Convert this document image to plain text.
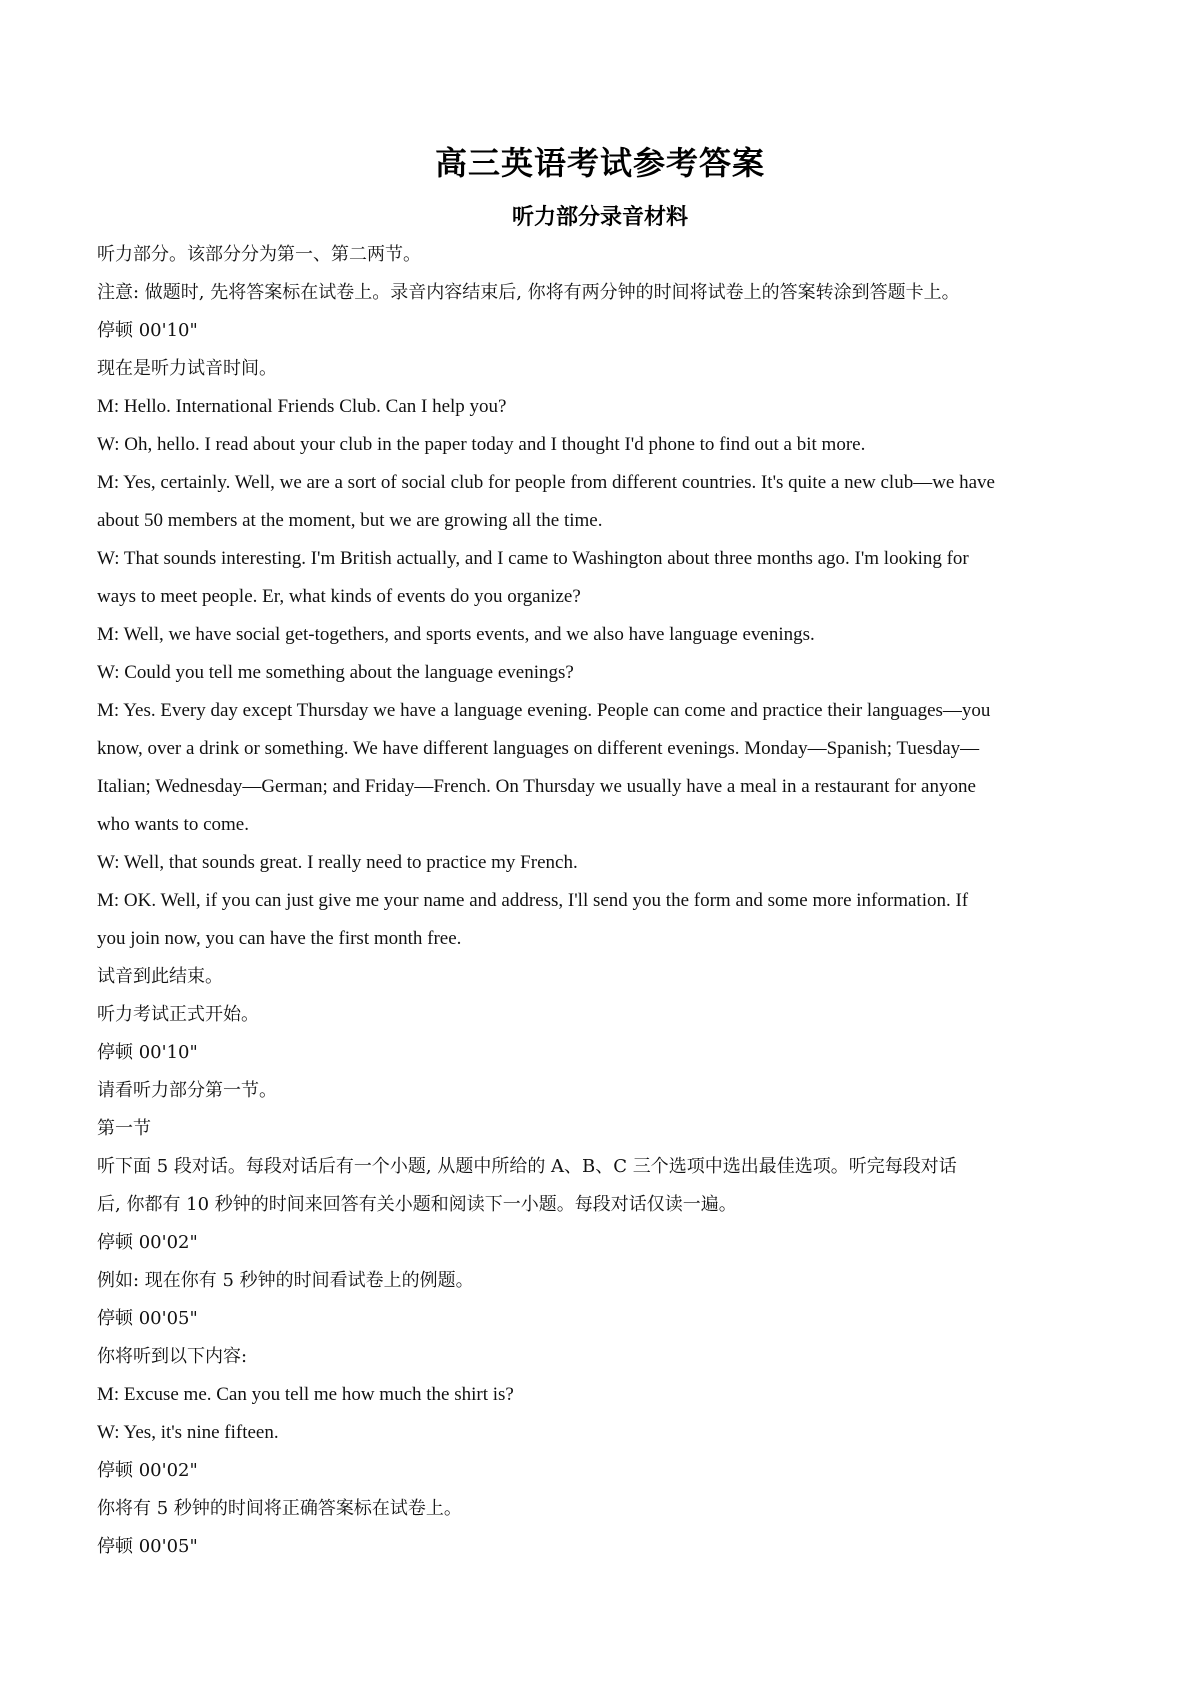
高三英语考试参考答案
听力部分录音材料
听力部分。该部分分为第一、第二两节。
注意: 做题时, 先将答案标在试卷上。录音内容结束后, 你将有两分钟的时间将试卷上的答案转涂到答题卡上。
停顿 00'10"
现在是听力试音时间。
M: Hello. International Friends Club. Can I help you?
W: Oh, hello. I read about your club in the paper today and I thought I'd phone to find out a bit more.
M: Yes, certainly. Well, we are a sort of social club for people from different countries. It's quite a new club—we have
about 50 members at the moment, but we are growing all the time.
W: That sounds interesting. I'm British actually, and I came to Washington about three months ago. I'm looking for
ways to meet people. Er, what kinds of events do you organize?
M: Well, we have social get-togethers, and sports events, and we also have language evenings.
W: Could you tell me something about the language evenings?
M: Yes. Every day except Thursday we have a language evening. People can come and practice their languages—you
know, over a drink or something. We have different languages on different evenings. Monday—Spanish; Tuesday—
Italian; Wednesday—German; and Friday—French. On Thursday we usually have a meal in a restaurant for anyone
who wants to come.
W: Well, that sounds great. I really need to practice my French.
M: OK. Well, if you can just give me your name and address, I'll send you the form and some more information. If
you join now, you can have the first month free.
试音到此结束。
听力考试正式开始。
停顿 00'10"
请看听力部分第一节。
第一节
听下面 5 段对话。每段对话后有一个小题, 从题中所给的 A、B、C 三个选项中选出最佳选项。听完每段对话
后, 你都有 10 秒钟的时间来回答有关小题和阅读下一小题。每段对话仅读一遍。
停顿 00'02"
例如: 现在你有 5 秒钟的时间看试卷上的例题。
停顿 00'05"
你将听到以下内容:
M: Excuse me. Can you tell me how much the shirt is?
W: Yes, it's nine fifteen.
停顿 00'02"
你将有 5 秒钟的时间将正确答案标在试卷上。
停顿 00'05"
